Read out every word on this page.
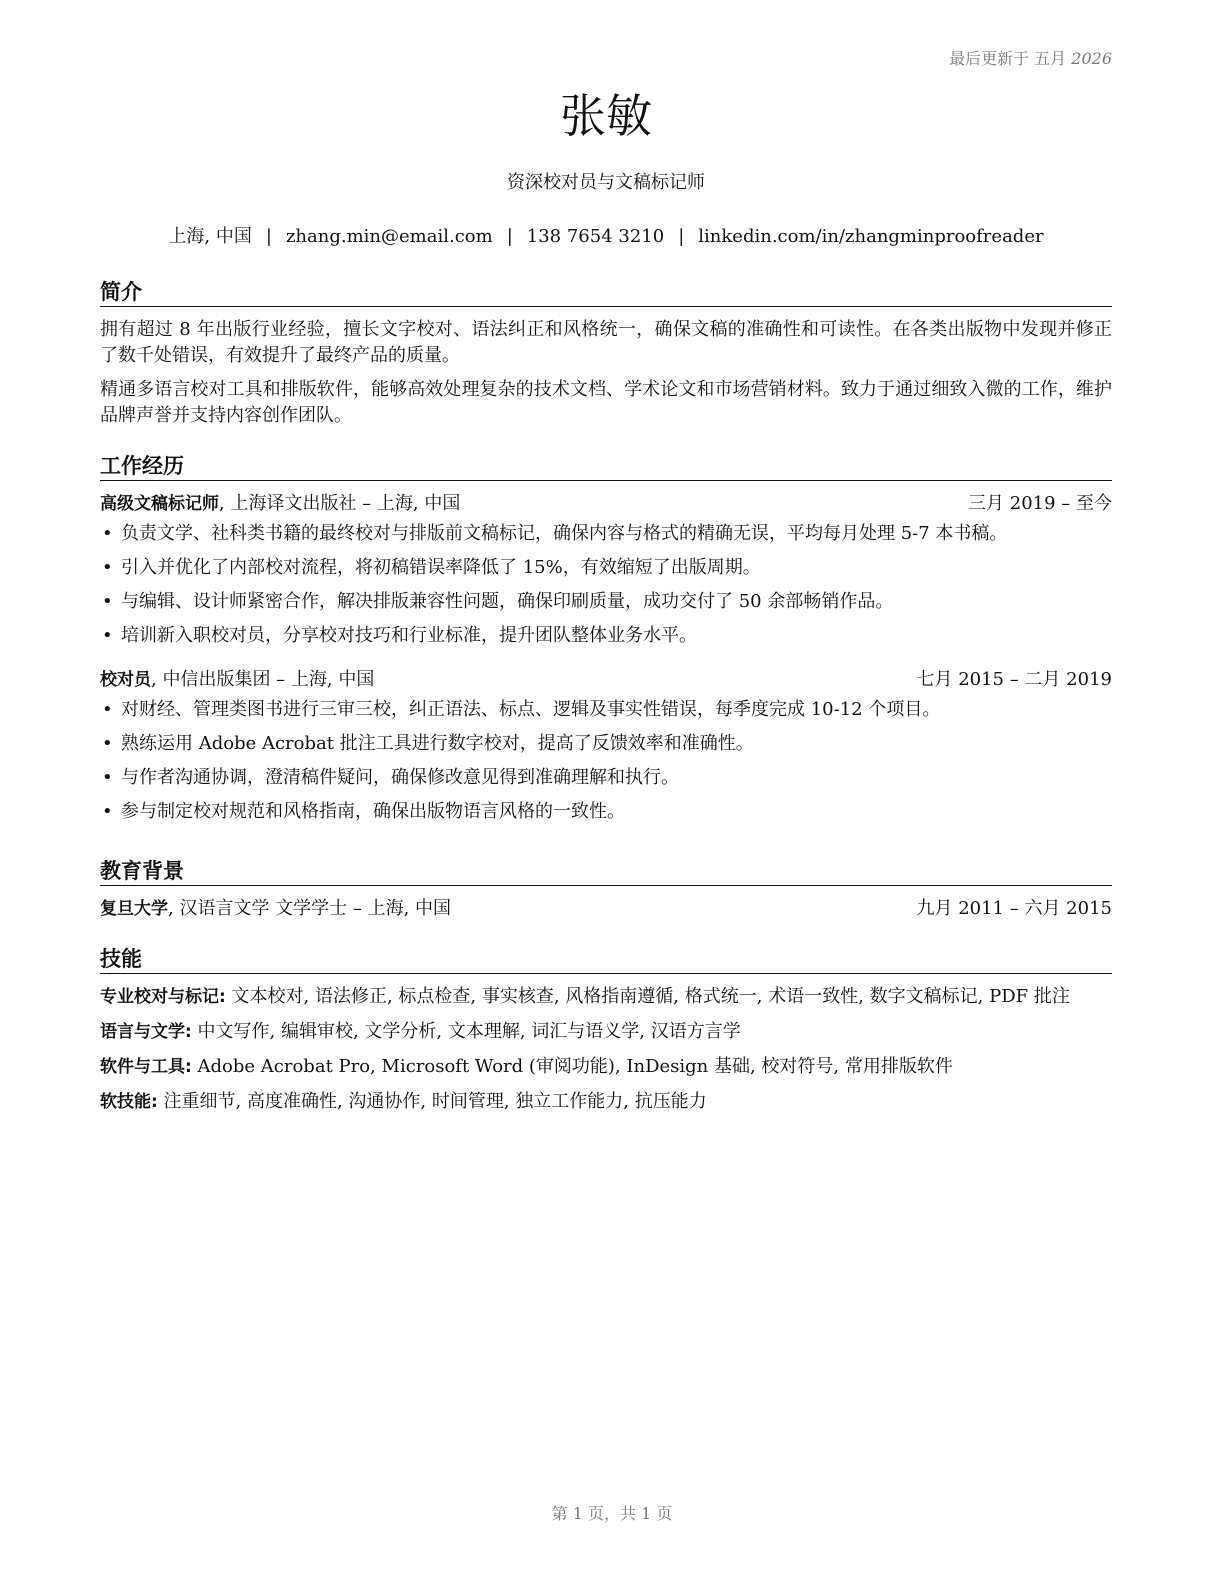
最后更新于 五月 2026
张敏
资深校对员与文稿标记师
上海, 中国 | zhang.min@email.com | 138 7654 3210 | linkedin.com/in/zhangminproofreader
简介

拥有超过 8 年出版行业经验，擅长文字校对、语法纠正和风格统一，确保文稿的准确性和可读性。在各类出版物中发现并修正了数千处错误，有效提升了最终产品的质量。

精通多语言校对工具和排版软件，能够高效处理复杂的技术文档、学术论文和市场营销材料。致力于通过细致入微的工作，维护品牌声誉并支持内容创作团队。

工作经历
高级文稿标记师, 上海译文出版社 – 上海, 中国	三月 2019 – 至今
• 负责文学、社科类书籍的最终校对与排版前文稿标记，确保内容与格式的精确无误，平均每月处理 5-7 本书稿。
• 引入并优化了内部校对流程，将初稿错误率降低了 15%，有效缩短了出版周期。
• 与编辑、设计师紧密合作，解决排版兼容性问题，确保印刷质量，成功交付了 50 余部畅销作品。
• 培训新入职校对员，分享校对技巧和行业标准，提升团队整体业务水平。
校对员, 中信出版集团 – 上海, 中国	七月 2015 – 二月 2019
• 对财经、管理类图书进行三审三校，纠正语法、标点、逻辑及事实性错误，每季度完成 10-12 个项目。
• 熟练运用 Adobe Acrobat 批注工具进行数字校对，提高了反馈效率和准确性。
• 与作者沟通协调，澄清稿件疑问，确保修改意见得到准确理解和执行。
• 参与制定校对规范和风格指南，确保出版物语言风格的一致性。
教育背景
复旦大学, 汉语言文学 文学学士 – 上海, 中国	九月 2011 – 六月 2015
技能

专业校对与标记: 文本校对, 语法修正, 标点检查, 事实核查, 风格指南遵循, 格式统一, 术语一致性, 数字文稿标记, PDF 批注

语言与文学: 中文写作, 编辑审校, 文学分析, 文本理解, 词汇与语义学, 汉语方言学

软件与工具: Adobe Acrobat Pro, Microsoft Word (审阅功能), InDesign 基础, 校对符号, 常用排版软件

软技能: 注重细节, 高度准确性, 沟通协作, 时间管理, 独立工作能力, 抗压能力

第 1 页，共 1 页
